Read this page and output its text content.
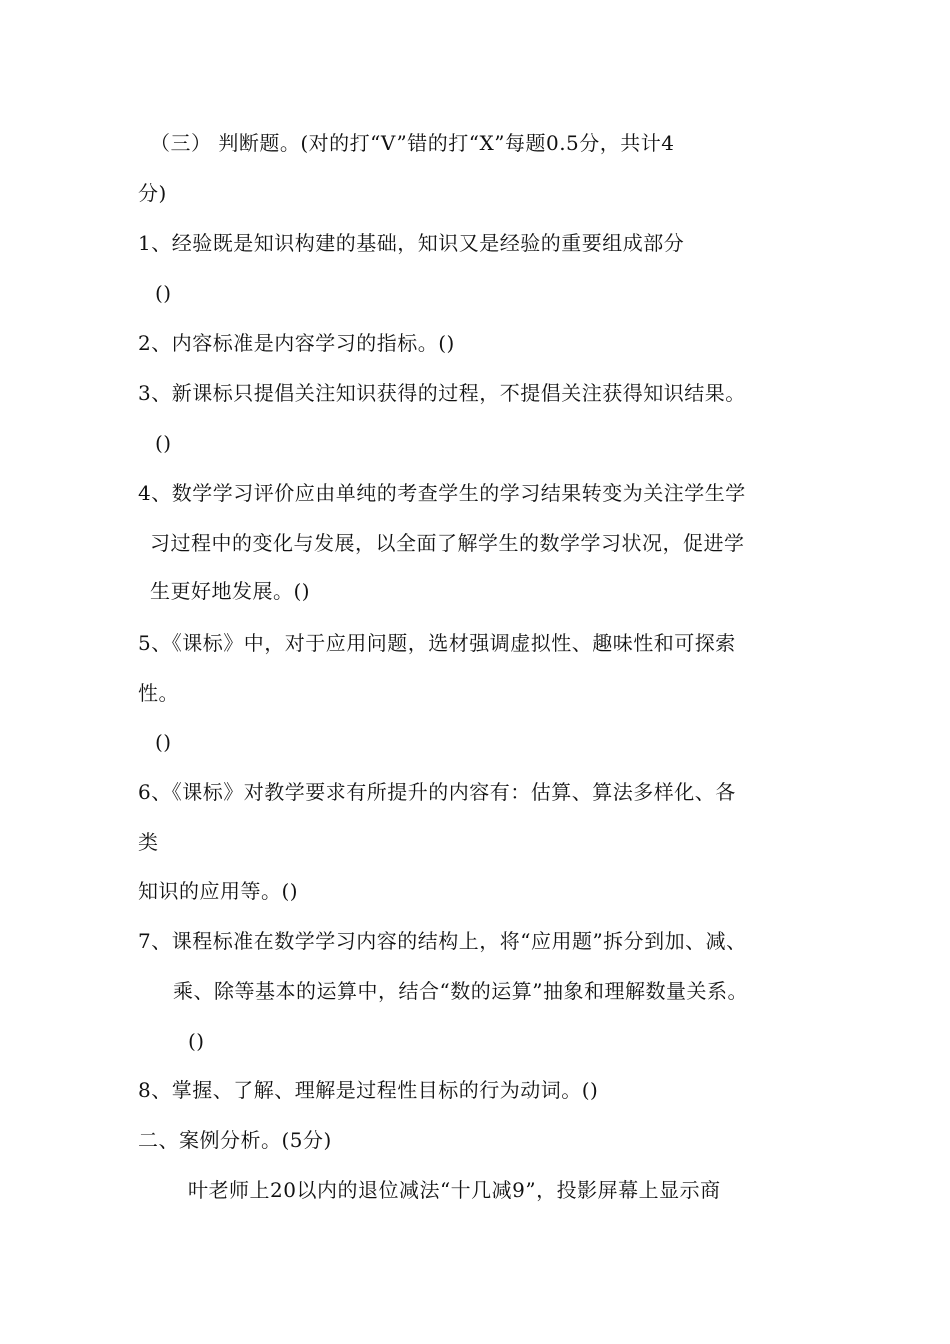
（三） 判断题。(对的打“V”错的打“X”每题0.5分，共计4
分)
1、经验既是知识构建的基础，知识又是经验的重要组成部分
()
2、内容标准是内容学习的指标。()
3、新课标只提倡关注知识获得的过程，不提倡关注获得知识结果。
()
4、数学学习评价应由单纯的考查学生的学习结果转变为关注学生学
习过程中的变化与发展，以全面了解学生的数学学习状况，促进学
生更好地发展。()
5、《课标》中，对于应用问题，选材强调虚拟性、趣味性和可探索
性。
()
6、《课标》对教学要求有所提升的内容有：估算、算法多样化、各
类
知识的应用等。()
7、课程标准在数学学习内容的结构上，将“应用题”拆分到加、减、
乘、除等基本的运算中，结合“数的运算”抽象和理解数量关系。
()
8、掌握、了解、理解是过程性目标的行为动词。()
二、案例分析。(5分)
叶老师上20以内的退位减法“十几减9”，投影屏幕上显示商
